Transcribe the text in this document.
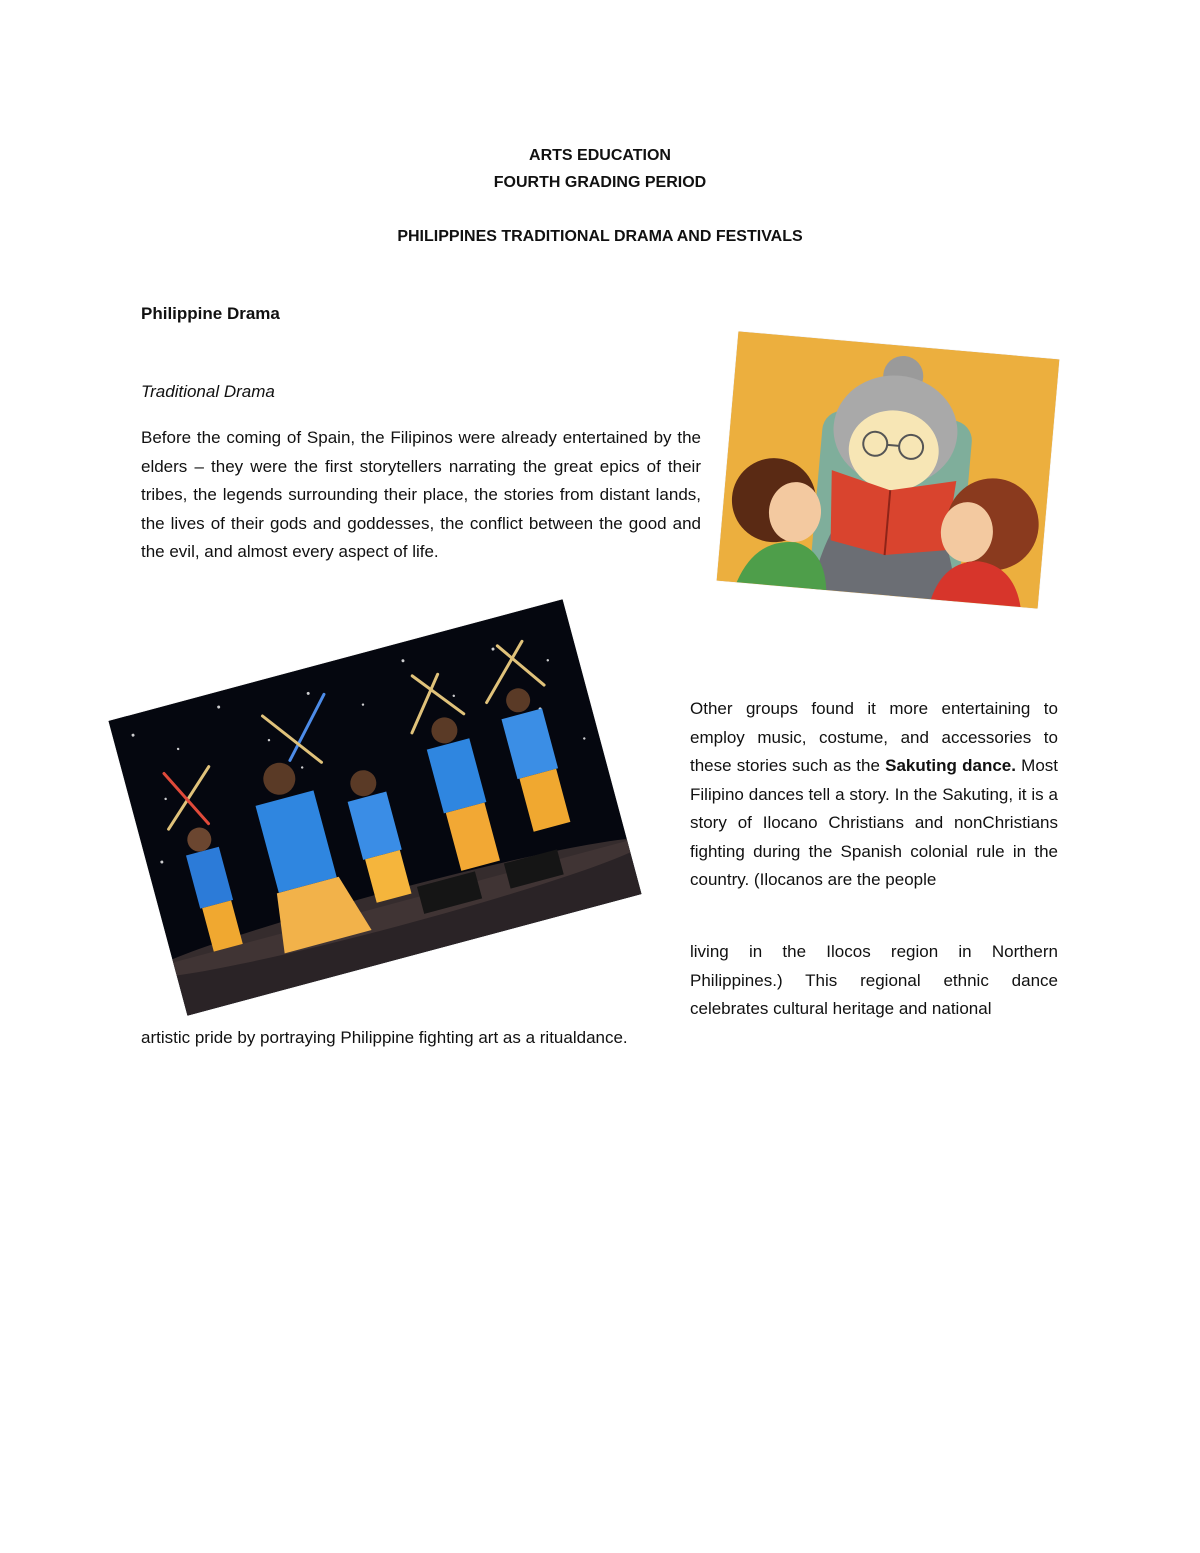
ARTS EDUCATION
FOURTH GRADING PERIOD
PHILIPPINES TRADITIONAL DRAMA AND FESTIVALS
Philippine Drama
Traditional Drama

Before the coming of Spain, the Filipinos were already entertained by the elders – they were the first storytellers narrating the great epics of their tribes, the legends surrounding their place, the stories from distant lands, the lives of their gods and goddesses, the conflict between the good and the evil, and almost every aspect of life.

Other groups found it more entertaining to employ music, costume, and accessories to these stories such as the Sakuting dance. Most Filipino dances tell a story. In the Sakuting, it is a story of Ilocano Christians and nonChristians fighting during the Spanish colonial rule in the country. (Ilocanos are the people

living in the Ilocos region in Northern Philippines.) This regional ethnic dance celebrates cultural heritage and national

artistic pride by portraying Philippine fighting art as a ritualdance.
